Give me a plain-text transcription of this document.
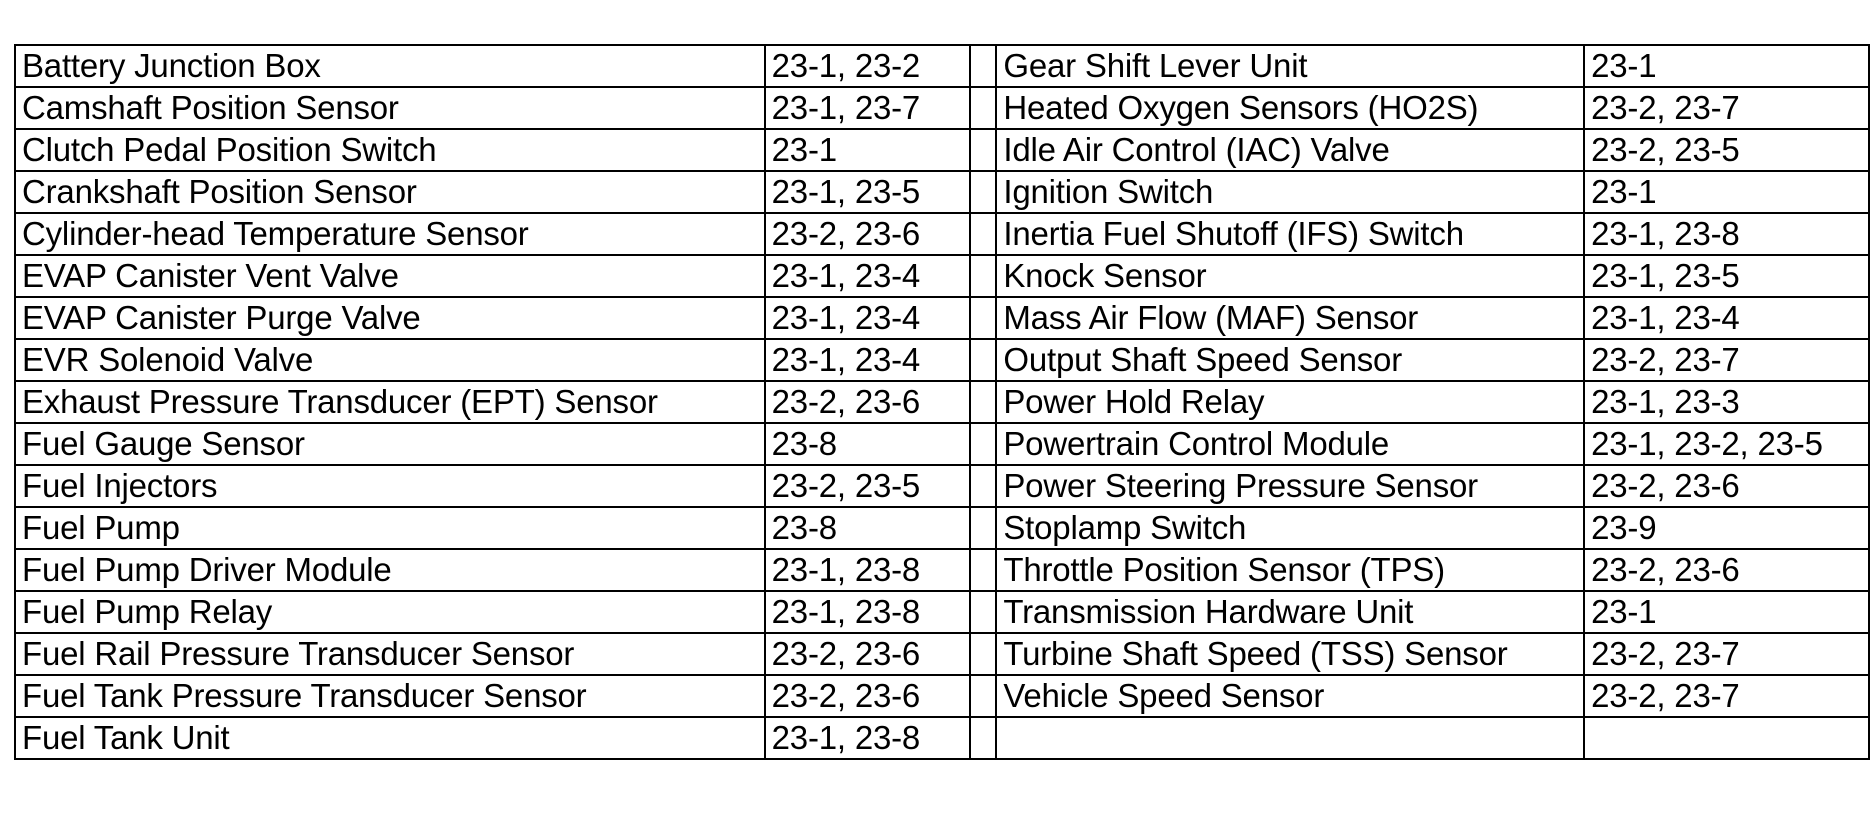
Battery Junction Box	23-1, 23-2		Gear Shift Lever Unit	23-1
Camshaft Position Sensor	23-1, 23-7		Heated Oxygen Sensors (HO2S)	23-2, 23-7
Clutch Pedal Position Switch	23-1		Idle Air Control (IAC) Valve	23-2, 23-5
Crankshaft Position Sensor	23-1, 23-5		Ignition Switch	23-1
Cylinder-head Temperature Sensor	23-2, 23-6		Inertia Fuel Shutoff (IFS) Switch	23-1, 23-8
EVAP Canister Vent Valve	23-1, 23-4		Knock Sensor	23-1, 23-5
EVAP Canister Purge Valve	23-1, 23-4		Mass Air Flow (MAF) Sensor	23-1, 23-4
EVR Solenoid Valve	23-1, 23-4		Output Shaft Speed Sensor	23-2, 23-7
Exhaust Pressure Transducer (EPT) Sensor	23-2, 23-6		Power Hold Relay	23-1, 23-3
Fuel Gauge Sensor	23-8		Powertrain Control Module	23-1, 23-2, 23-5
Fuel Injectors	23-2, 23-5		Power Steering Pressure Sensor	23-2, 23-6
Fuel Pump	23-8		Stoplamp Switch	23-9
Fuel Pump Driver Module	23-1, 23-8		Throttle Position Sensor (TPS)	23-2, 23-6
Fuel Pump Relay	23-1, 23-8		Transmission Hardware Unit	23-1
Fuel Rail Pressure Transducer Sensor	23-2, 23-6		Turbine Shaft Speed (TSS) Sensor	23-2, 23-7
Fuel Tank Pressure Transducer Sensor	23-2, 23-6		Vehicle Speed Sensor	23-2, 23-7
Fuel Tank Unit	23-1, 23-8			
